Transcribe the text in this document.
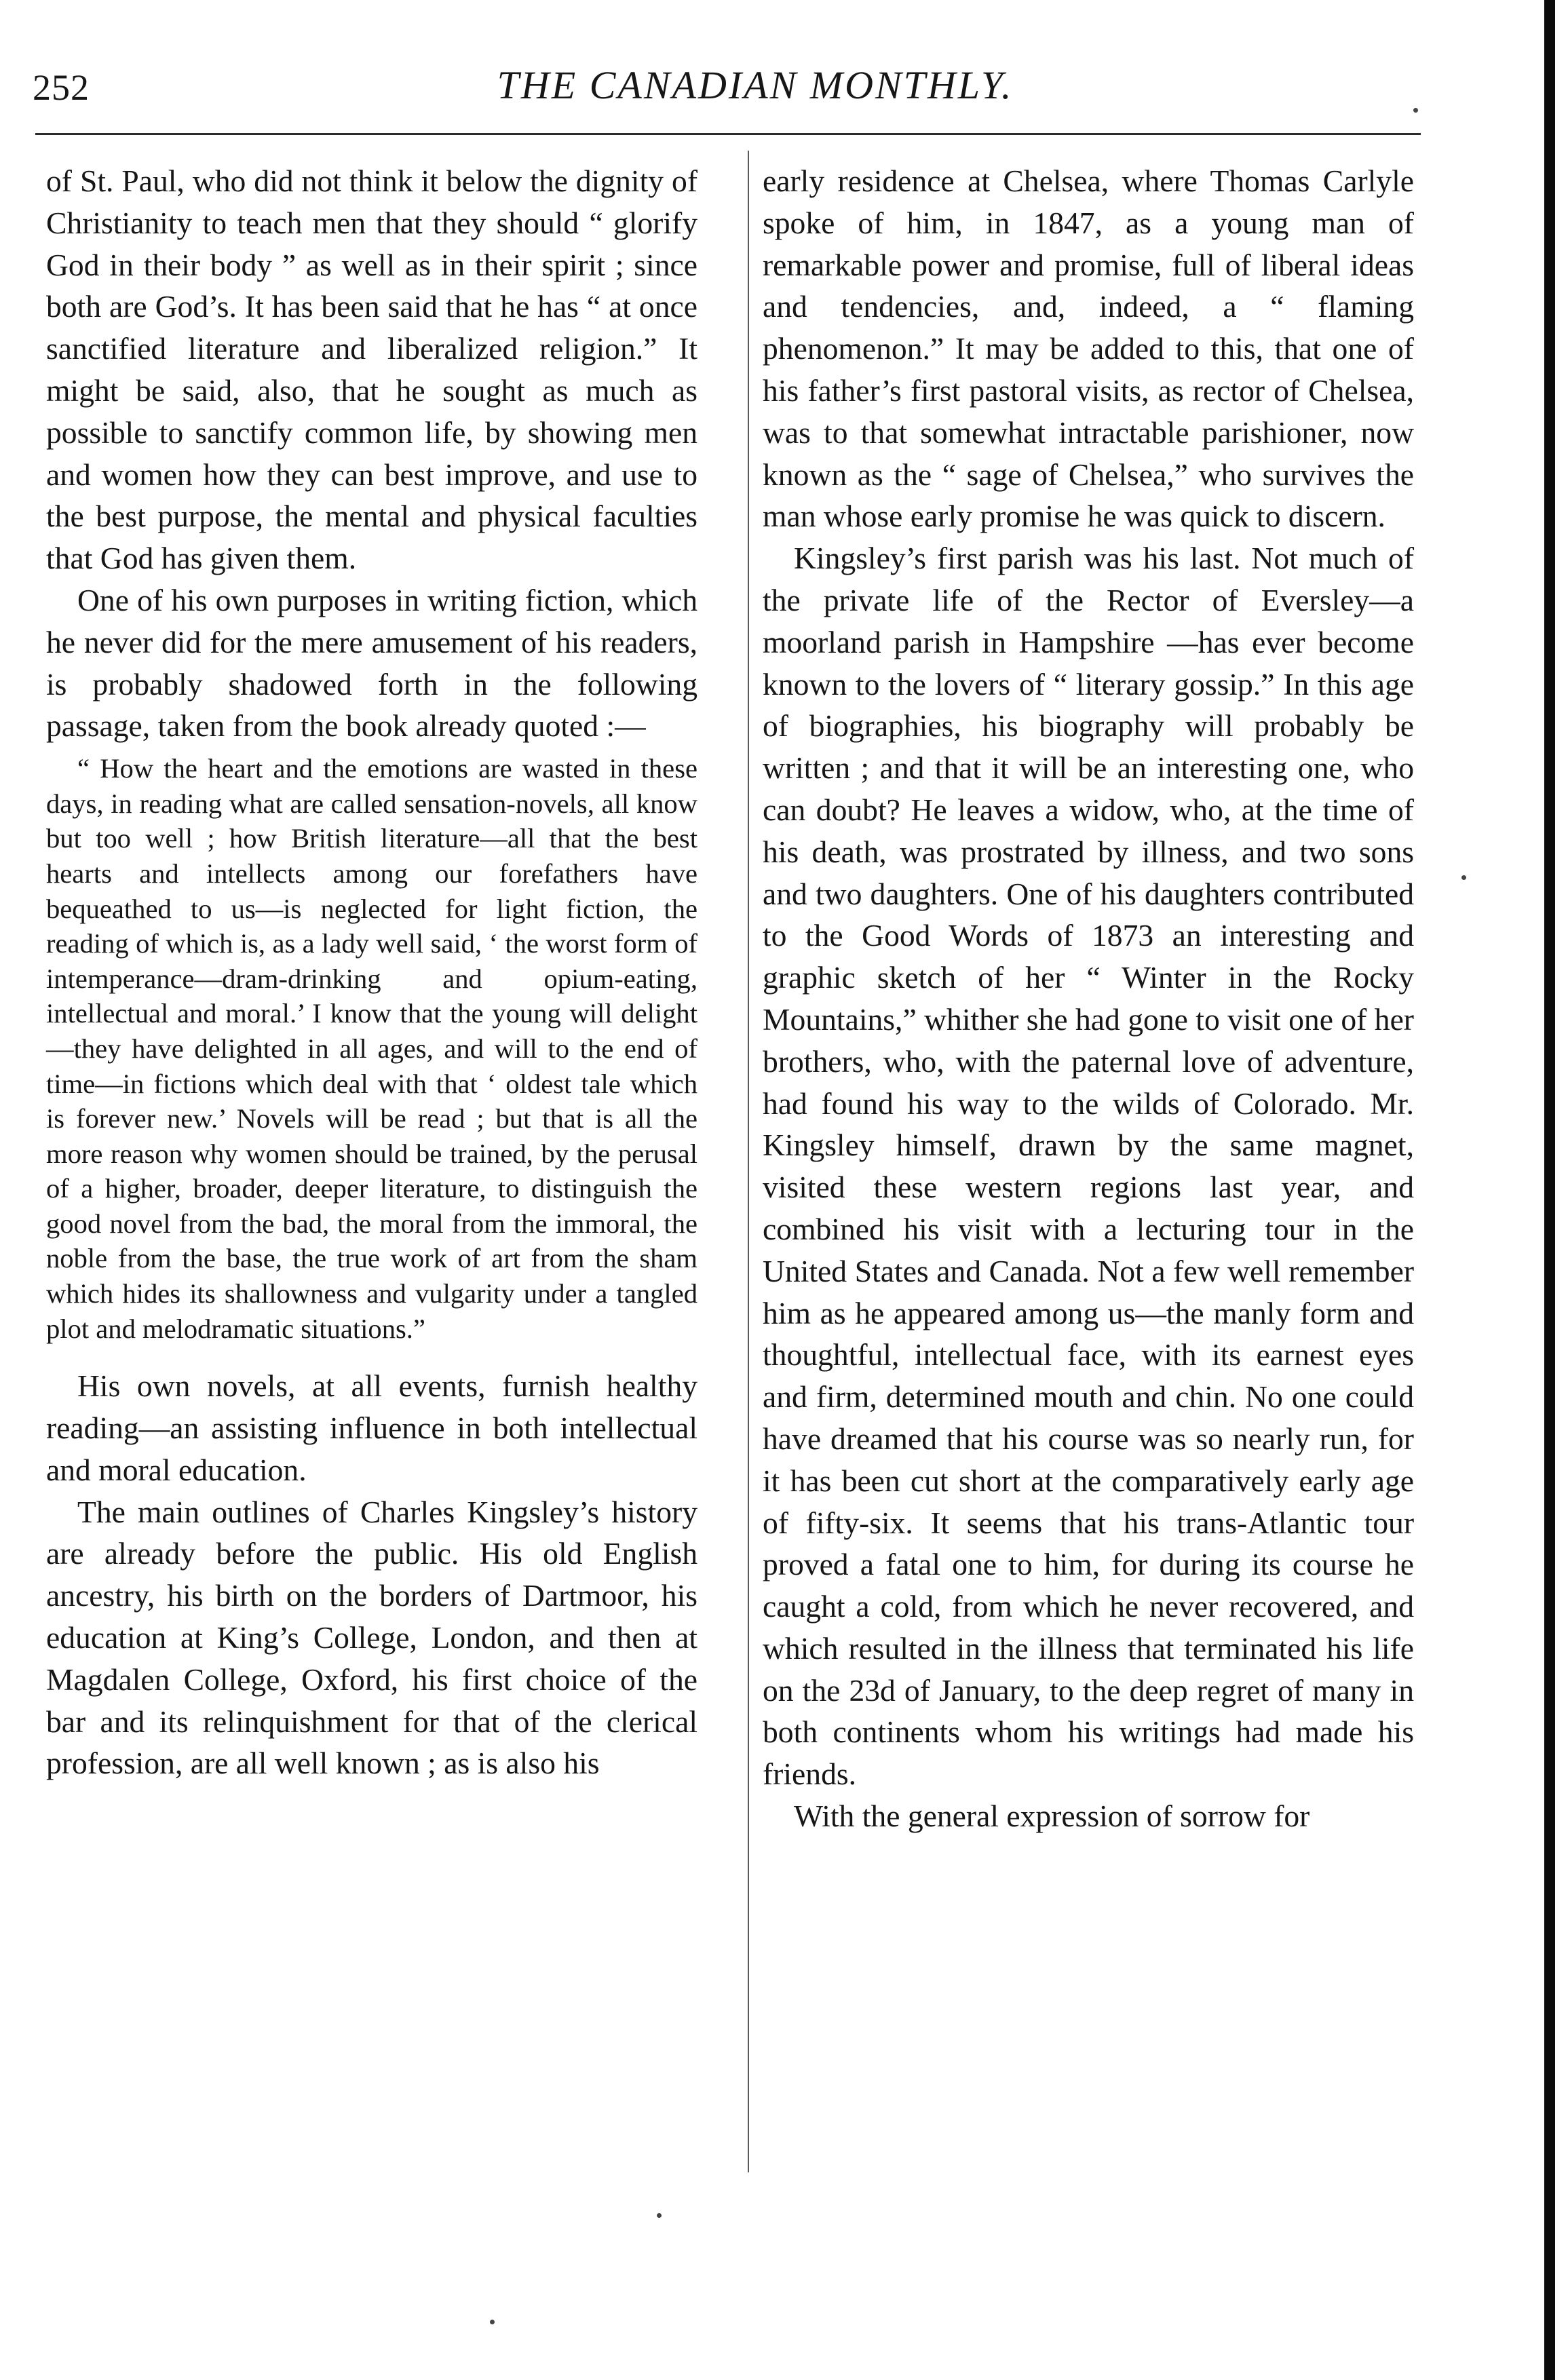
252	THE CANADIAN MONTHLY.

of St. Paul, who did not think it below the dignity of Christianity to teach men that they should “ glorify God in their body ” as well as in their spirit ; since both are God’s. It has been said that he has “ at once sanctified literature and liberalized religion.” It might be said, also, that he sought as much as possible to sanctify common life, by showing men and women how they can best improve, and use to the best purpose, the mental and physical faculties that God has given them.

One of his own purposes in writing fiction, which he never did for the mere amusement of his readers, is probably shadowed forth in the following passage, taken from the book already quoted :—

“ How the heart and the emotions are wasted in these days, in reading what are called sensation-novels, all know but too well ; how British literature—all that the best hearts and intellects among our forefathers have bequeathed to us—is neglected for light fiction, the reading of which is, as a lady well said, ‘ the worst form of intemperance—dram-drinking and opium-eating, intellectual and moral.’ I know that the young will delight—they have delighted in all ages, and will to the end of time—in fictions which deal with that ‘ oldest tale which is forever new.’ Novels will be read ; but that is all the more reason why women should be trained, by the perusal of a higher, broader, deeper literature, to distinguish the good novel from the bad, the moral from the immoral, the noble from the base, the true work of art from the sham which hides its shallowness and vulgarity under a tangled plot and melodramatic situations.”

His own novels, at all events, furnish healthy reading—an assisting influence in both intellectual and moral education.

The main outlines of Charles Kingsley’s history are already before the public. His old English ancestry, his birth on the borders of Dartmoor, his education at King’s College, London, and then at Magdalen College, Oxford, his first choice of the bar and its relinquishment for that of the clerical profession, are all well known ; as is also his

early residence at Chelsea, where Thomas Carlyle spoke of him, in 1847, as a young man of remarkable power and promise, full of liberal ideas and tendencies, and, indeed, a “ flaming phenomenon.” It may be added to this, that one of his father’s first pastoral visits, as rector of Chelsea, was to that somewhat intractable parishioner, now known as the “ sage of Chelsea,” who survives the man whose early promise he was quick to discern.

Kingsley’s first parish was his last. Not much of the private life of the Rector of Eversley—a moorland parish in Hampshire —has ever become known to the lovers of “ literary gossip.” In this age of biographies, his biography will probably be written ; and that it will be an interesting one, who can doubt? He leaves a widow, who, at the time of his death, was prostrated by illness, and two sons and two daughters. One of his daughters contributed to the Good Words of 1873 an interesting and graphic sketch of her “ Winter in the Rocky Mountains,” whither she had gone to visit one of her brothers, who, with the paternal love of adventure, had found his way to the wilds of Colorado. Mr. Kingsley himself, drawn by the same magnet, visited these western regions last year, and combined his visit with a lecturing tour in the United States and Canada. Not a few well remember him as he appeared among us—the manly form and thoughtful, intellectual face, with its earnest eyes and firm, determined mouth and chin. No one could have dreamed that his course was so nearly run, for it has been cut short at the comparatively early age of fifty-six. It seems that his trans-Atlantic tour proved a fatal one to him, for during its course he caught a cold, from which he never recovered, and which resulted in the illness that terminated his life on the 23d of January, to the deep regret of many in both continents whom his writings had made his friends.

With the general expression of sorrow for
